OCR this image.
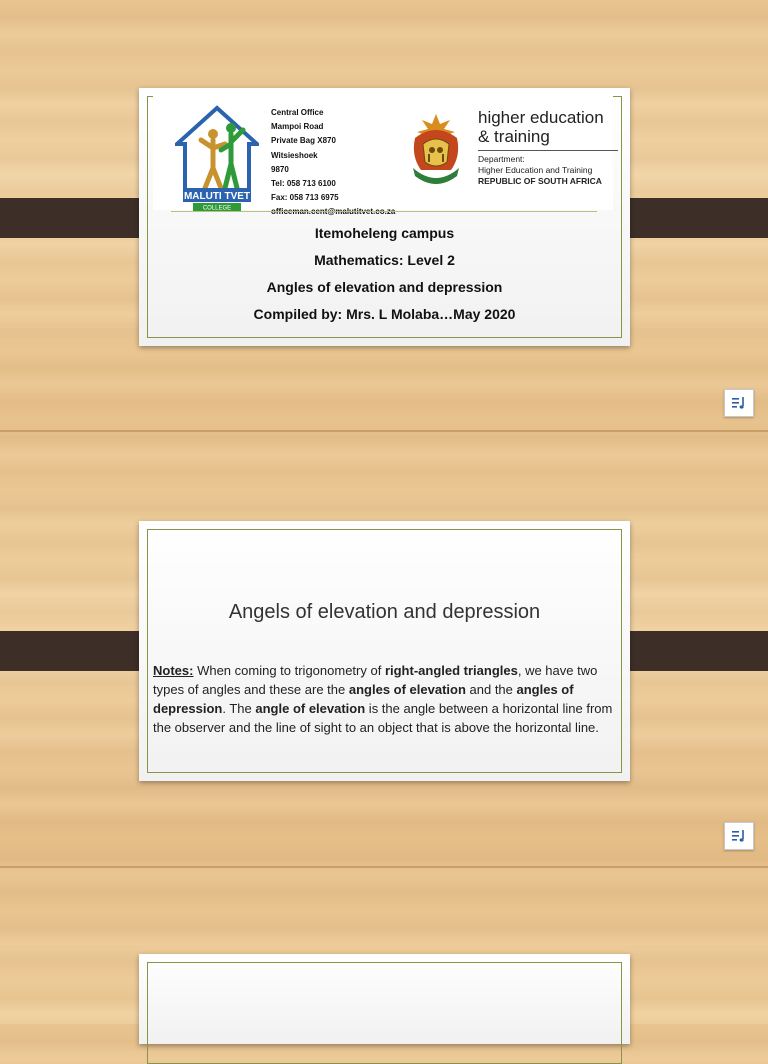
MALUTI TVET
COLLEGE
Central Office
Mampoi Road
Private Bag X870
Witsieshoek
9870
Tel: 058 713 6100
Fax: 058 713 6975
higher education
& training
Department:
Higher Education and Training
REPUBLIC OF SOUTH AFRICA
Itemoheleng campus
Mathematics: Level 2
Angles of elevation and depression
Compiled by: Mrs. L Molaba…May 2020
Angels of elevation and depression
Notes: When coming to trigonometry of right-angled triangles, we have two types of angles and these are the angles of elevation and the angles of depression. The angle of elevation is the angle between a horizontal line from the observer and the line of sight to an object that is above the horizontal line.
